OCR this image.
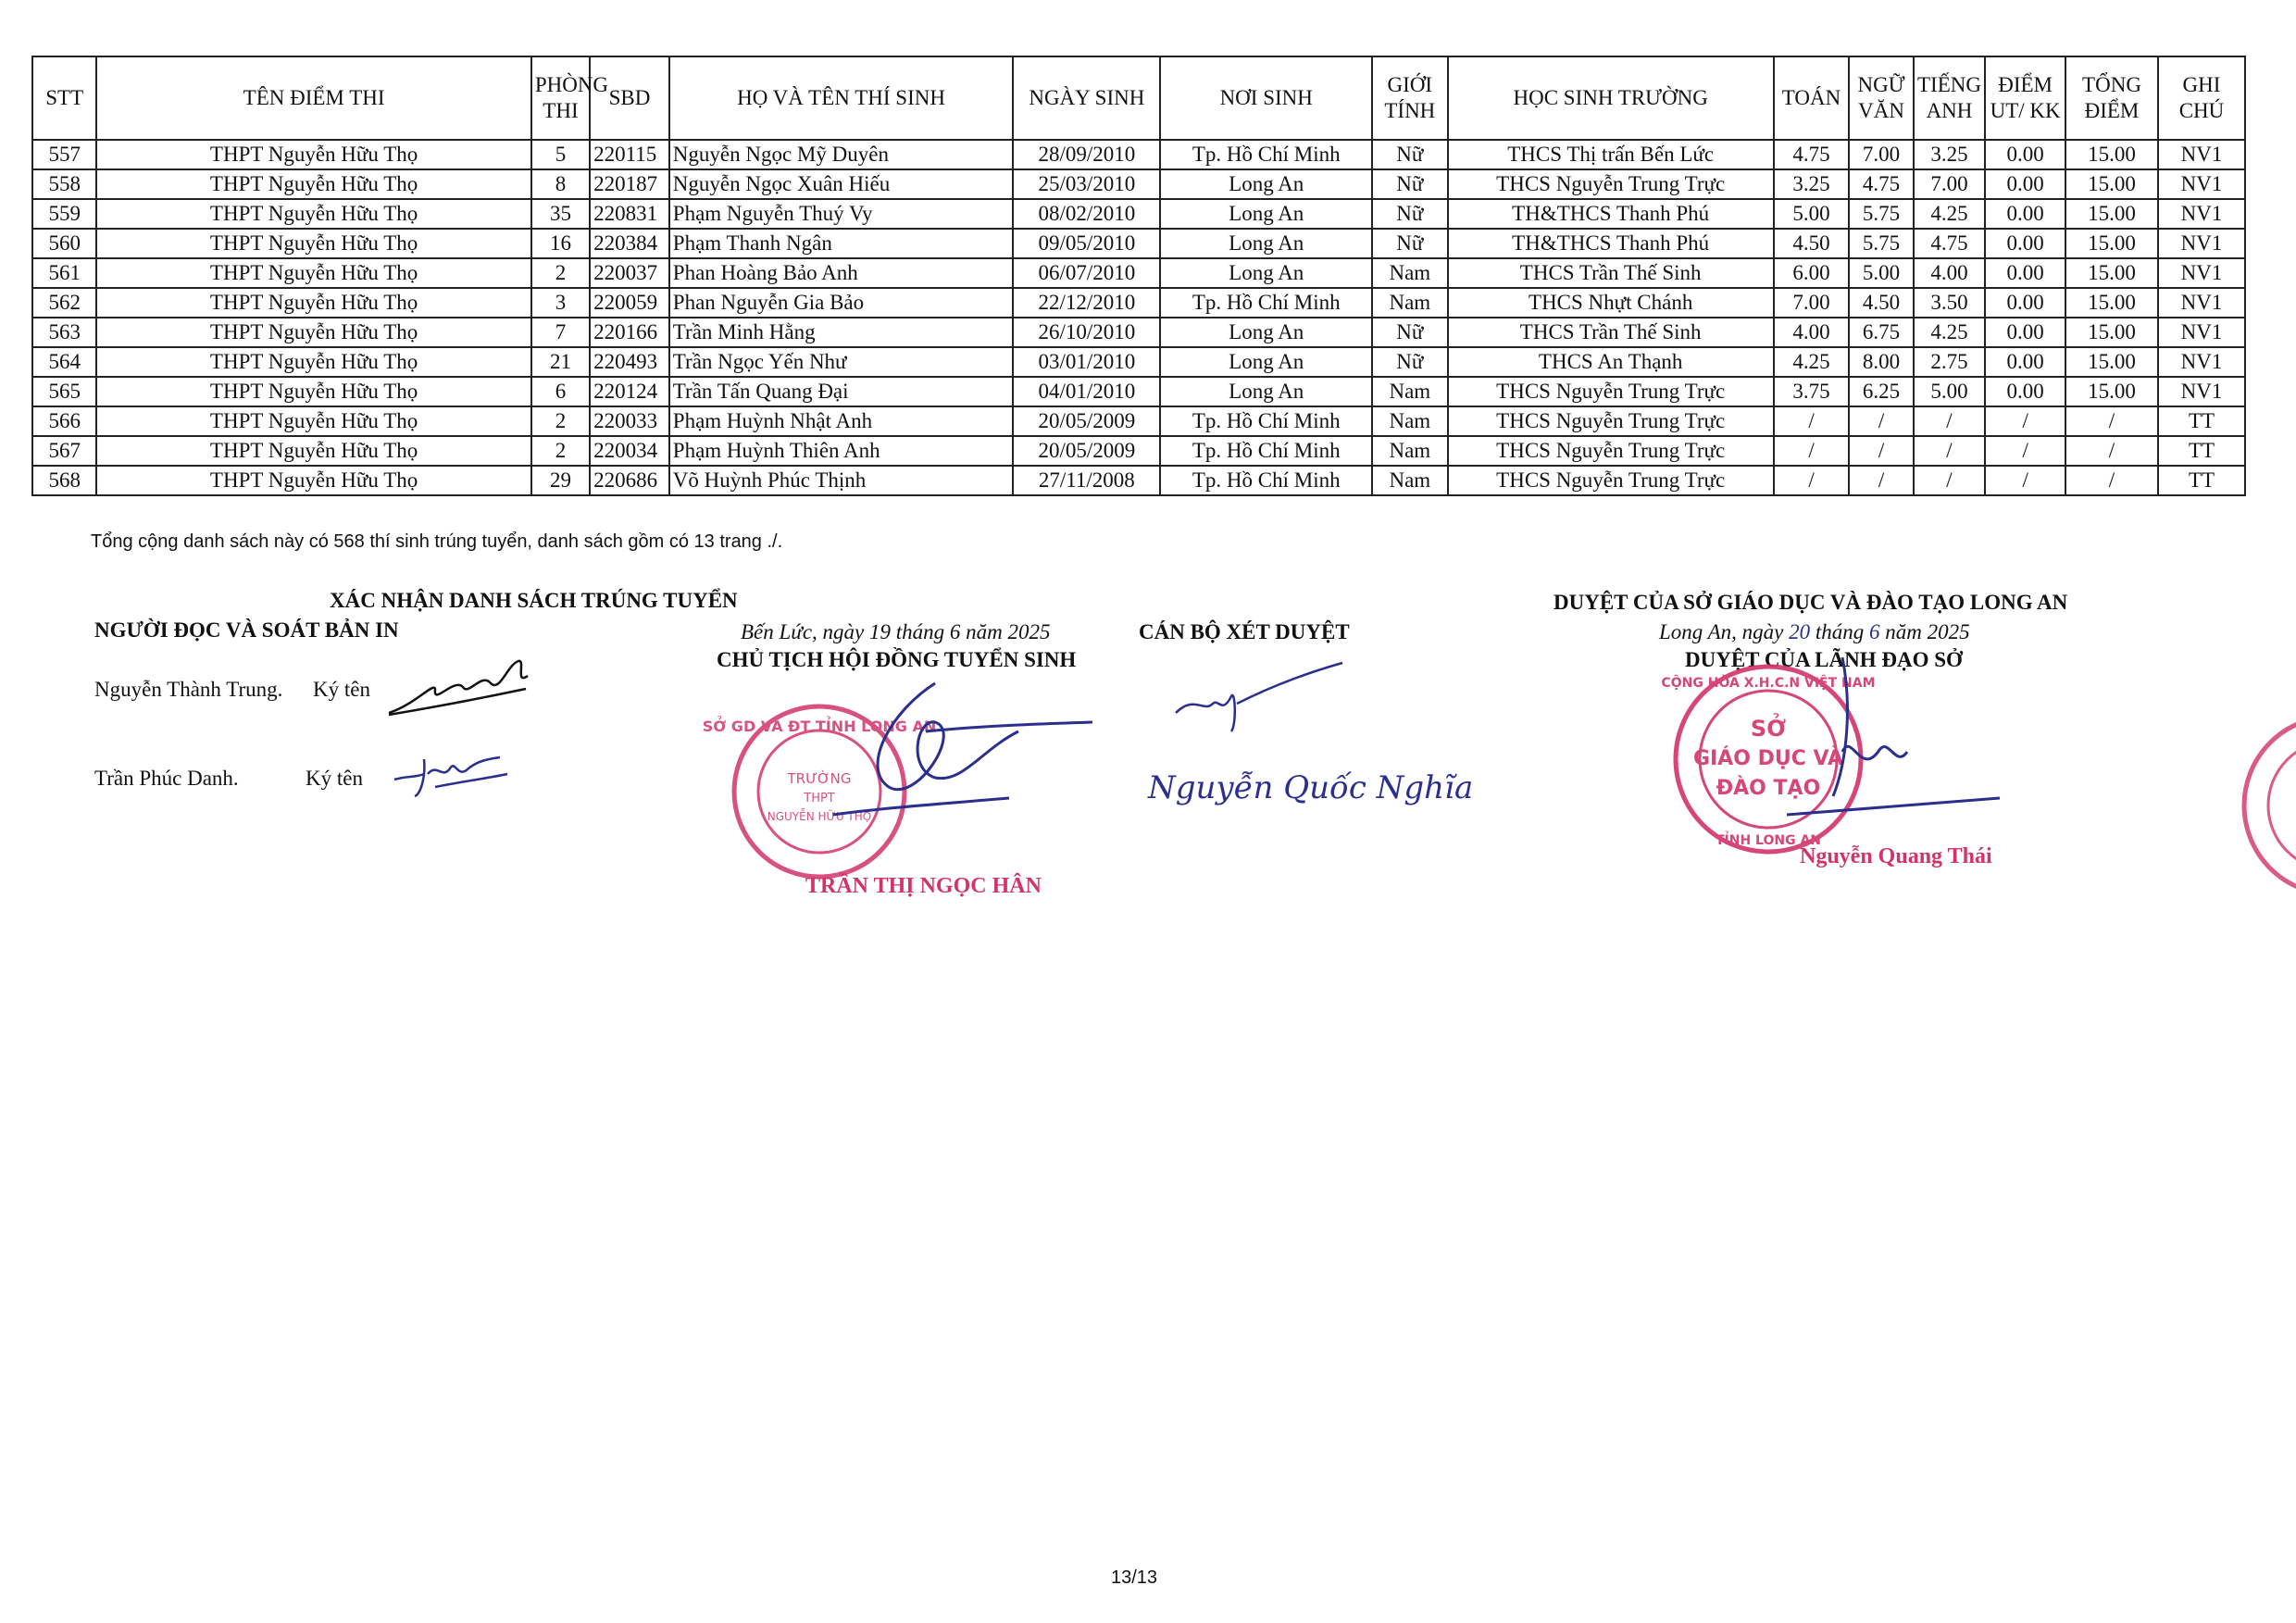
STT	TÊN ĐIỂM THI	PHÒNG THI	SBD	HỌ VÀ TÊN THÍ SINH	NGÀY SINH	NƠI SINH	GIỚI TÍNH	HỌC SINH TRƯỜNG	TOÁN	NGỮ VĂN	TIẾNG ANH	ĐIỂM UT/ KK	TỔNG ĐIỂM	GHI CHÚ
557	THPT Nguyễn Hữu Thọ	5	220115	Nguyễn Ngọc Mỹ Duyên	28/09/2010	Tp. Hồ Chí Minh	Nữ	THCS Thị trấn Bến Lức	4.75	7.00	3.25	0.00	15.00	NV1
558	THPT Nguyễn Hữu Thọ	8	220187	Nguyễn Ngọc Xuân Hiếu	25/03/2010	Long An	Nữ	THCS Nguyễn Trung Trực	3.25	4.75	7.00	0.00	15.00	NV1
559	THPT Nguyễn Hữu Thọ	35	220831	Phạm Nguyễn Thuý Vy	08/02/2010	Long An	Nữ	TH&THCS Thanh Phú	5.00	5.75	4.25	0.00	15.00	NV1
560	THPT Nguyễn Hữu Thọ	16	220384	Phạm Thanh Ngân	09/05/2010	Long An	Nữ	TH&THCS Thanh Phú	4.50	5.75	4.75	0.00	15.00	NV1
561	THPT Nguyễn Hữu Thọ	2	220037	Phan Hoàng Bảo Anh	06/07/2010	Long An	Nam	THCS Trần Thế Sinh	6.00	5.00	4.00	0.00	15.00	NV1
562	THPT Nguyễn Hữu Thọ	3	220059	Phan Nguyễn Gia Bảo	22/12/2010	Tp. Hồ Chí Minh	Nam	THCS Nhựt Chánh	7.00	4.50	3.50	0.00	15.00	NV1
563	THPT Nguyễn Hữu Thọ	7	220166	Trần Minh Hằng	26/10/2010	Long An	Nữ	THCS Trần Thế Sinh	4.00	6.75	4.25	0.00	15.00	NV1
564	THPT Nguyễn Hữu Thọ	21	220493	Trần Ngọc Yến Như	03/01/2010	Long An	Nữ	THCS An Thạnh	4.25	8.00	2.75	0.00	15.00	NV1
565	THPT Nguyễn Hữu Thọ	6	220124	Trần Tấn Quang Đại	04/01/2010	Long An	Nam	THCS Nguyễn Trung Trực	3.75	6.25	5.00	0.00	15.00	NV1
566	THPT Nguyễn Hữu Thọ	2	220033	Phạm Huỳnh Nhật Anh	20/05/2009	Tp. Hồ Chí Minh	Nam	THCS Nguyễn Trung Trực	/	/	/	/	/	TT
567	THPT Nguyễn Hữu Thọ	2	220034	Phạm Huỳnh Thiên Anh	20/05/2009	Tp. Hồ Chí Minh	Nam	THCS Nguyễn Trung Trực	/	/	/	/	/	TT
568	THPT Nguyễn Hữu Thọ	29	220686	Võ Huỳnh Phúc Thịnh	27/11/2008	Tp. Hồ Chí Minh	Nam	THCS Nguyễn Trung Trực	/	/	/	/	/	TT
Tổng cộng danh sách này có 568 thí sinh trúng tuyển, danh sách gồm có 13 trang ./.
XÁC NHẬN DANH SÁCH TRÚNG TUYỂN
NGƯỜI ĐỌC VÀ SOÁT BẢN IN
Nguyễn Thành Trung. Ký tên
Trần Phúc Danh.	Ký tên
Bến Lức, ngày 19 tháng 6 năm 2025
CHỦ TỊCH HỘI ĐỒNG TUYỂN SINH
TRẦN THỊ NGỌC HÂN
CÁN BỘ XÉT DUYỆT
DUYỆT CỦA SỞ GIÁO DỤC VÀ ĐÀO TẠO LONG AN
Long An, ngày 20 tháng 6 năm 2025
DUYỆT CỦA LÃNH ĐẠO SỞ
Nguyễn Quang Thái
13/13
SỞ GD VÀ ĐT TỈNH LONG AN
TRƯỜNG
THPT
NGUYỄN HỮU THỌ
Nguyễn Quốc Nghĩa
CỘNG HÒA X.H.C.N VIỆT NAM
TỈNH LONG AN
SỞ
GIÁO DỤC VÀ
ĐÀO TẠO
